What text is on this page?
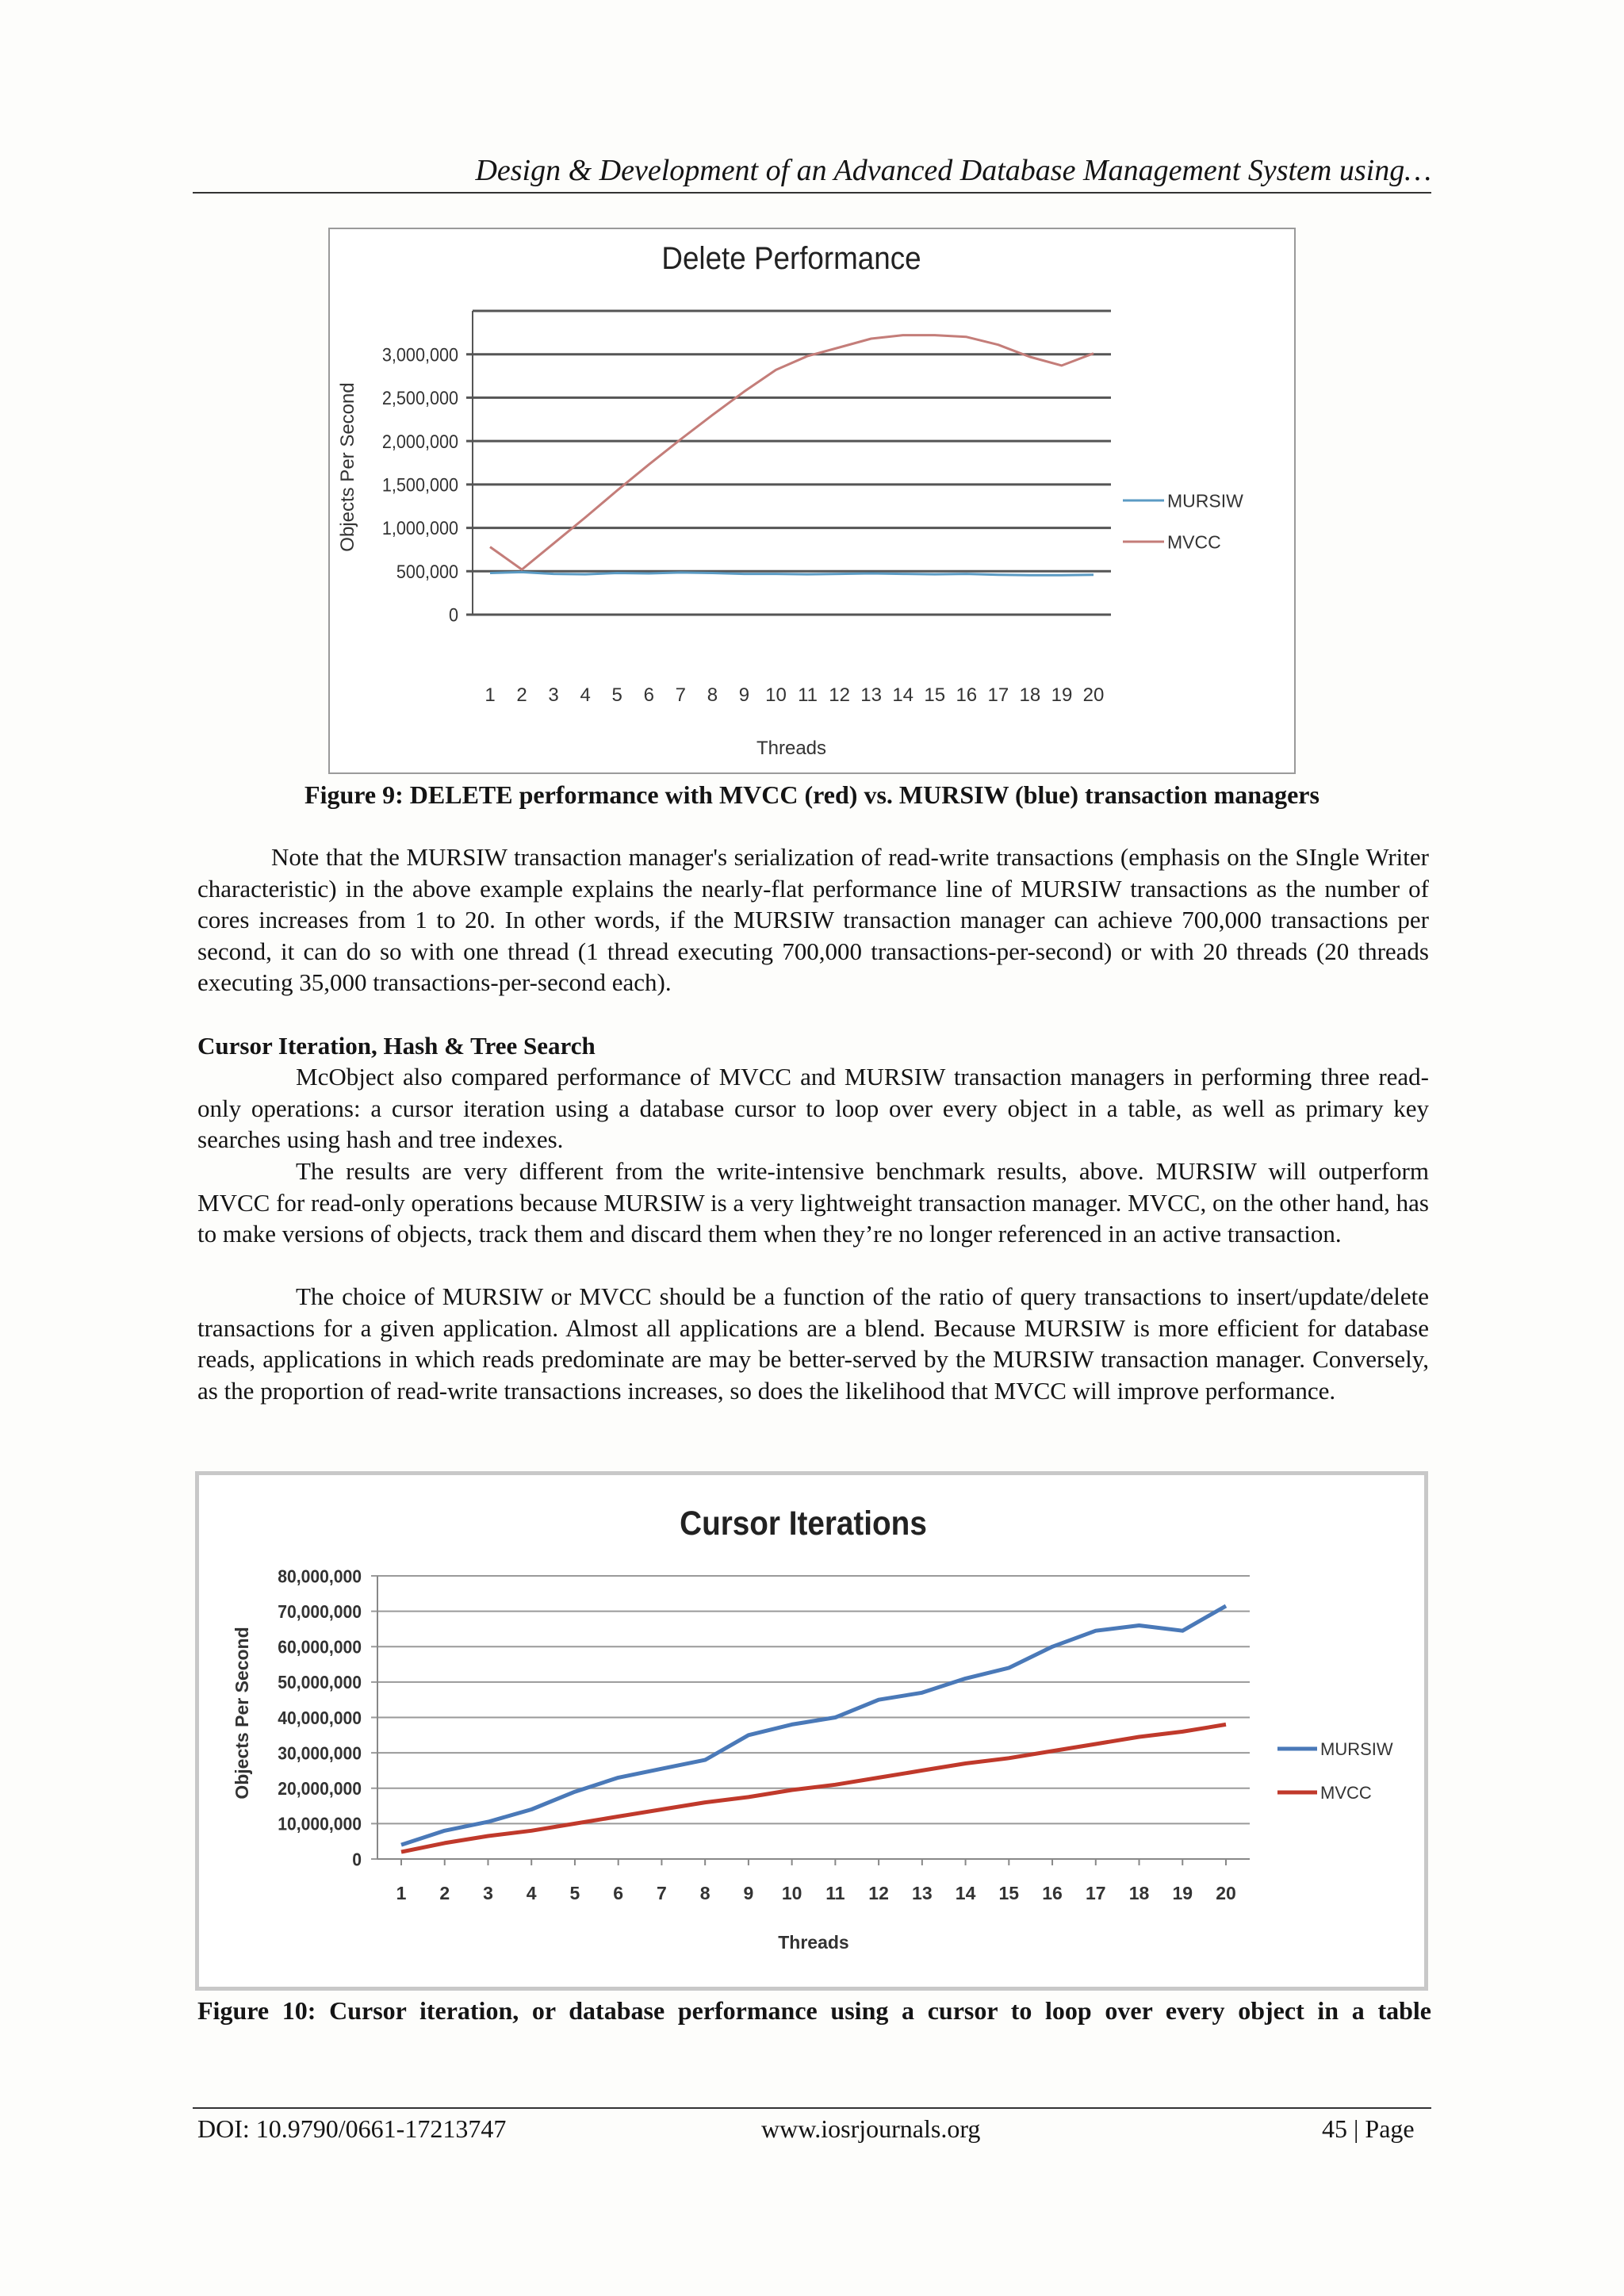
Design & Development of an Advanced Database Management System using…
Delete Performance
0
500,000
1,000,000
1,500,000
2,000,000
2,500,000
3,000,000
1 2 3 4 5 6 7 8 9 10 11 12 13 14 15 16 17 18 19 20
Threads
Objects Per Second	MURSIW
MVCC
Figure 9: DELETE performance with MVCC (red) vs. MURSIW (blue) transaction managers

Note that the MURSIW transaction manager's serialization of read-write transactions (emphasis on the SIngle Writer characteristic) in the above example explains the nearly-flat performance line of MURSIW transactions as the number of cores increases from 1 to 20. In other words, if the MURSIW transaction manager can achieve 700,000 transactions per second, it can do so with one thread (1 thread executing 700,000 transactions-per-second) or with 20 threads (20 threads executing 35,000 transactions-per-second each).

Cursor Iteration, Hash & Tree Search

McObject also compared performance of MVCC and MURSIW transaction managers in performing three read-only operations: a cursor iteration using a database cursor to loop over every object in a table, as well as primary key searches using hash and tree indexes.

The results are very different from the write-intensive benchmark results, above. MURSIW will outperform MVCC for read-only operations because MURSIW is a very lightweight transaction manager. MVCC, on the other hand, has to make versions of objects, track them and discard them when they’re no longer referenced in an active transaction.

The choice of MURSIW or MVCC should be a function of the ratio of query transactions to insert/update/delete transactions for a given application. Almost all applications are a blend. Because MURSIW is more efficient for database reads, applications in which reads predominate are may be better-served by the MURSIW transaction manager. Conversely, as the proportion of read-write transactions increases, so does the likelihood that MVCC will improve performance.

Cursor Iterations
0
10,000,000
20,000,000
30,000,000
40,000,000
50,000,000
60,000,000
70,000,000
80,000,000
1 2 3 4 5 6 7 8 9 10 11 12 13 14 15 16 17 18 19 20
Threads
Objects Per Second	MURSIW
MVCC
Figure 10: Cursor iteration, or database performance using a cursor to loop over every object in a table
DOI: 10.9790/0661-17213747	www.iosrjournals.org	45 | Page
